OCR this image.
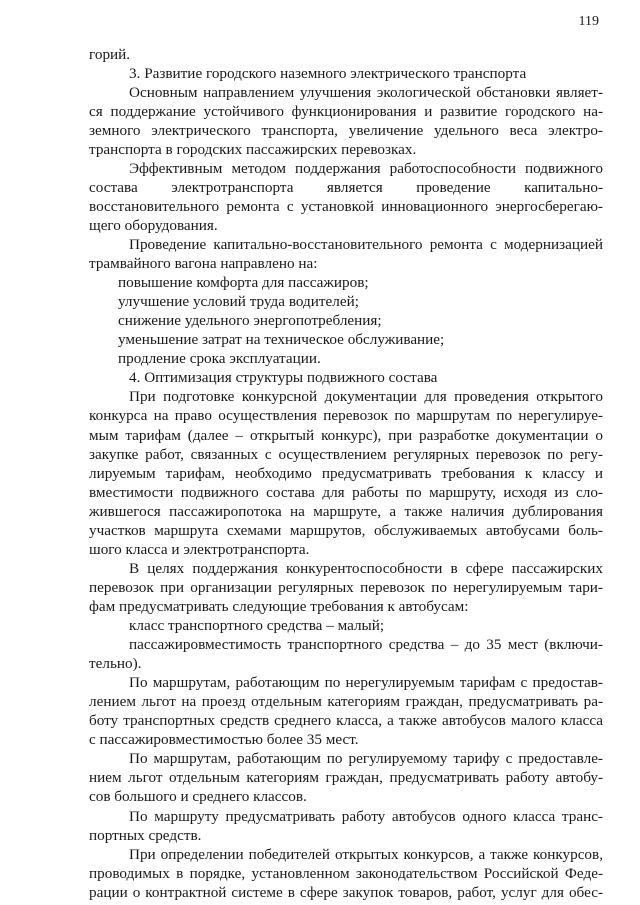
119
горий.
3. Развитие городского наземного электрического транспорта
Основным направлением улучшения экологической обстановки являет-
ся поддержание устойчивого функционирования и развитие городского на-
земного электрического транспорта, увеличение удельного веса электро-
транспорта в городских пассажирских перевозках.
Эффективным методом поддержания работоспособности подвижного
состава электротранспорта является проведение капитально-
восстановительного ремонта с установкой инновационного энергосберегаю-
щего оборудования.
Проведение капитально-восстановительного ремонта с модернизацией
трамвайного вагона направлено на:
повышение комфорта для пассажиров;
улучшение условий труда водителей;
снижение удельного энергопотребления;
уменьшение затрат на техническое обслуживание;
продление срока эксплуатации.
4. Оптимизация структуры подвижного состава
При подготовке конкурсной документации для проведения открытого
конкурса на право осуществления перевозок по маршрутам по нерегулируе-
мым тарифам (далее – открытый конкурс), при разработке документации о
закупке работ, связанных с осуществлением регулярных перевозок по регу-
лируемым тарифам, необходимо предусматривать требования к классу и
вместимости подвижного состава для работы по маршруту, исходя из сло-
жившегося пассажиропотока на маршруте, а также наличия дублирования
участков маршрута схемами маршрутов, обслуживаемых автобусами боль-
шого класса и электротранспорта.
В целях поддержания конкурентоспособности в сфере пассажирских
перевозок при организации регулярных перевозок по нерегулируемым тари-
фам предусматривать следующие требования к автобусам:
класс транспортного средства – малый;
пассажировместимость транспортного средства – до 35 мест (включи-
тельно).
По маршрутам, работающим по нерегулируемым тарифам с предостав-
лением льгот на проезд отдельным категориям граждан, предусматривать ра-
боту транспортных средств среднего класса, а также автобусов малого класса
с пассажировместимостью более 35 мест.
По маршрутам, работающим по регулируемому тарифу с предоставле-
нием льгот отдельным категориям граждан, предусматривать работу автобу-
сов большого и среднего классов.
По маршруту предусматривать работу автобусов одного класса транс-
портных средств.
При определении победителей открытых конкурсов, а также конкурсов,
проводимых в порядке, установленном законодательством Российской Феде-
рации о контрактной системе в сфере закупок товаров, работ, услуг для обес-
